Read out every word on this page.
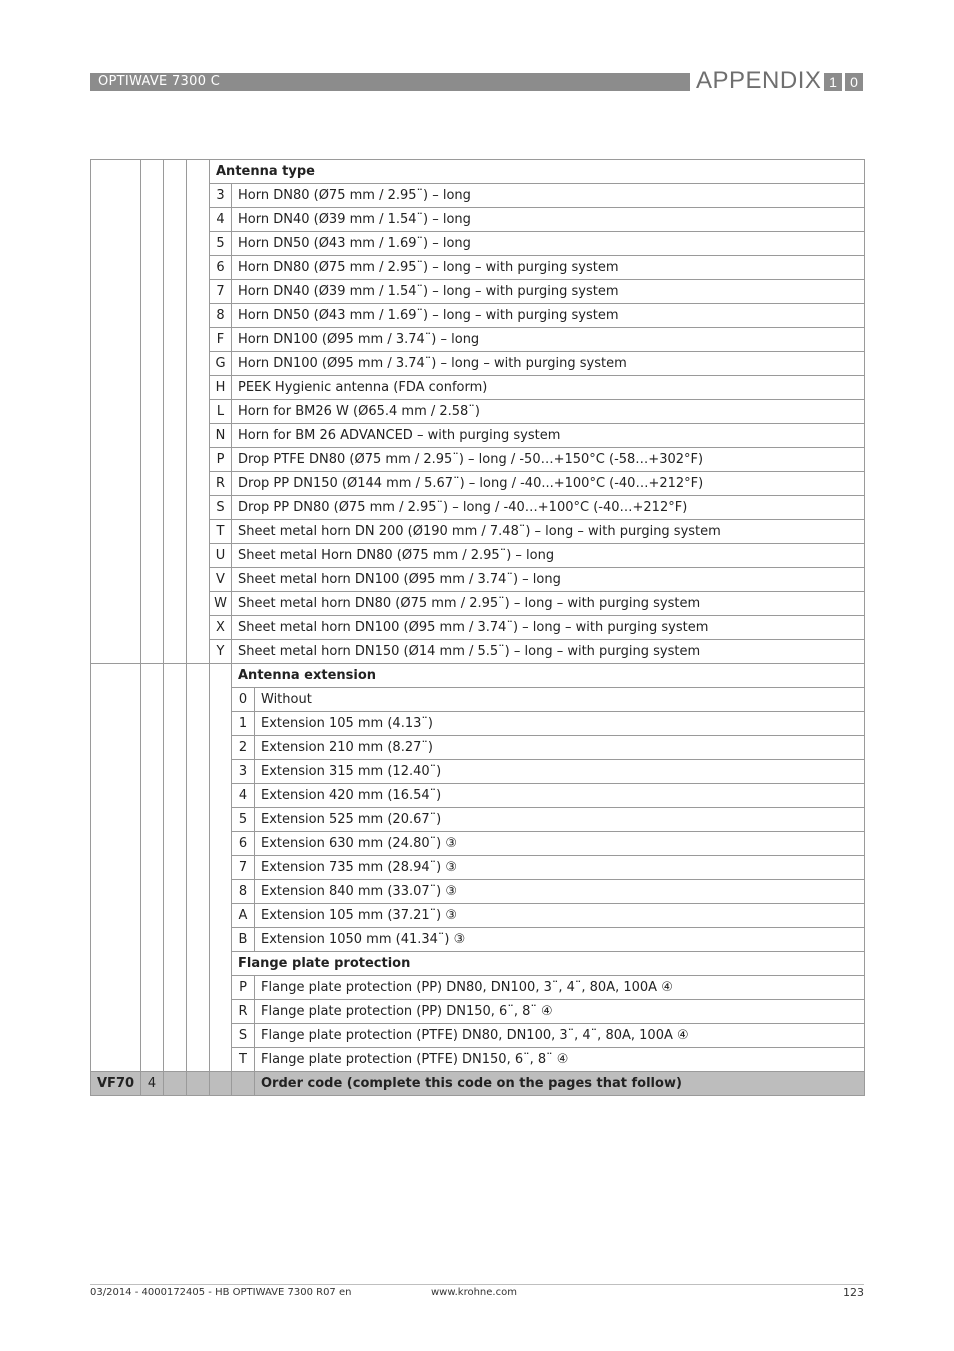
OPTIWAVE 7300 C	APPENDIX 1 0
				Antenna type		
				3	Horn DN80 (Ø75 mm / 2.95¨) – long	
				4	Horn DN40 (Ø39 mm / 1.54¨) – long	
				5	Horn DN50 (Ø43 mm / 1.69¨) – long	
				6	Horn DN80 (Ø75 mm / 2.95¨) – long – with purging system	
				7	Horn DN40 (Ø39 mm / 1.54¨) – long – with purging system	
				8	Horn DN50 (Ø43 mm / 1.69¨) – long – with purging system	
				F	Horn DN100 (Ø95 mm / 3.74¨) – long	
				G	Horn DN100 (Ø95 mm / 3.74¨) – long – with purging system	
				H	PEEK Hygienic antenna (FDA conform)	
				L	Horn for BM26 W (Ø65.4 mm / 2.58¨)	
				N	Horn for BM 26 ADVANCED – with purging system	
				P	Drop PTFE DN80 (Ø75 mm / 2.95¨) – long / -50…+150°C (-58…+302°F)	
				R	Drop PP DN150 (Ø144 mm / 5.67¨) – long / -40...+100°C (-40…+212°F)	
				S	Drop PP DN80 (Ø75 mm / 2.95¨) – long / -40…+100°C (-40…+212°F)	
				T	Sheet metal horn DN 200 (Ø190 mm / 7.48¨) – long – with purging system	
				U	Sheet metal Horn DN80 (Ø75 mm / 2.95¨) – long	
				V	Sheet metal horn DN100 (Ø95 mm / 3.74¨) – long	
				W	Sheet metal horn DN80 (Ø75 mm / 2.95¨) – long – with purging system	
				X	Sheet metal horn DN100 (Ø95 mm / 3.74¨) – long – with purging system	
				Y	Sheet metal horn DN150 (Ø14 mm / 5.5¨) – long – with purging system	
					Antenna extension	
					0	Without
					1	Extension 105 mm (4.13¨)
					2	Extension 210 mm (8.27¨)
					3	Extension 315 mm (12.40¨)
					4	Extension 420 mm (16.54¨)
					5	Extension 525 mm (20.67¨)
					6	Extension 630 mm (24.80¨) ③
					7	Extension 735 mm (28.94¨) ③
					8	Extension 840 mm (33.07¨) ③
					A	Extension 105 mm (37.21¨) ③
					B	Extension 1050 mm (41.34¨) ③
					Flange plate protection	
					P	Flange plate protection (PP) DN80, DN100, 3¨, 4¨, 80A, 100A ④
					R	Flange plate protection (PP) DN150, 6¨, 8¨ ④
					S	Flange plate protection (PTFE) DN80, DN100, 3¨, 4¨, 80A, 100A ④
					T	Flange plate protection (PTFE) DN150, 6¨, 8¨ ④
VF70	4					Order code (complete this code on the pages that follow)
03/2014 - 4000172405 - HB OPTIWAVE 7300 R07 en	www.krohne.com	123
